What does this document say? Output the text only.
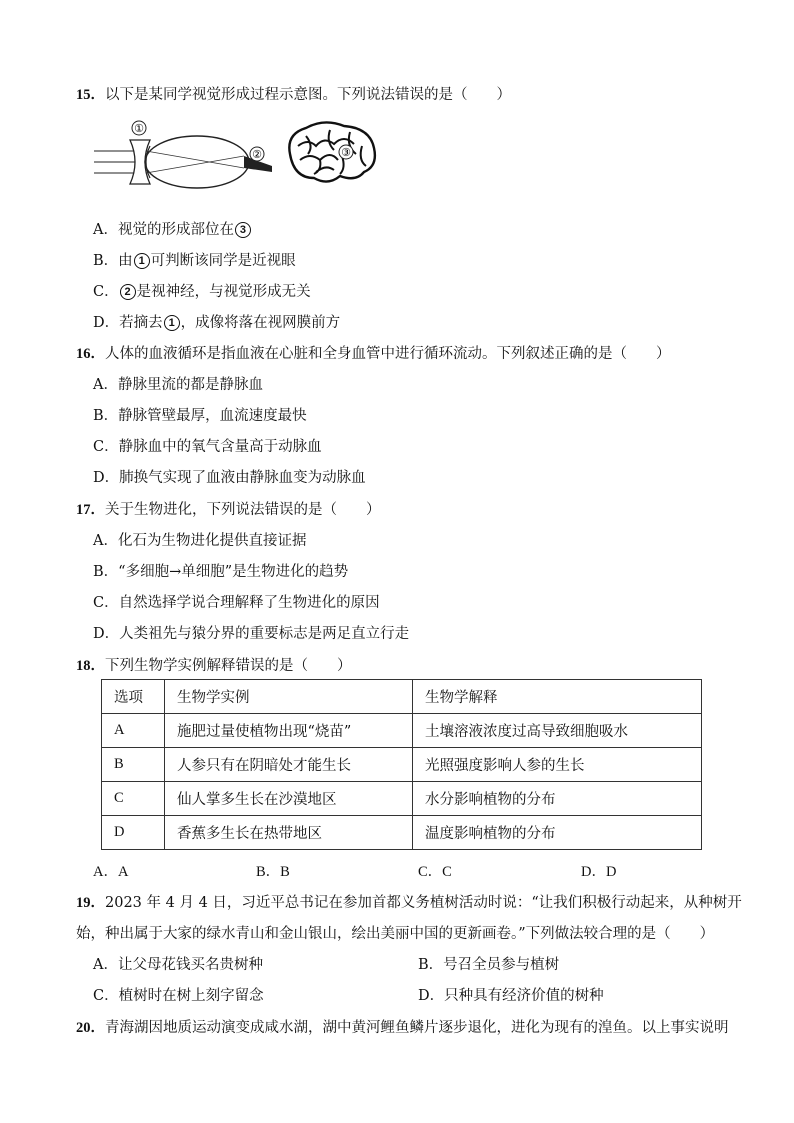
15．以下是某同学视觉形成过程示意图。下列说法错误的是（　　）
①
②	③
A．视觉的形成部位在 3
B．由 1 可判断该同学是近视眼
C． 2 是视神经，与视觉形成无关
D．若摘去 1 ，成像将落在视网膜前方
16．人体的血液循环是指血液在心脏和全身血管中进行循环流动。下列叙述正确的是（　　）
A．静脉里流的都是静脉血
B．静脉管壁最厚，血流速度最快
C．静脉血中的氧气含量高于动脉血
D．肺换气实现了血液由静脉血变为动脉血
17．关于生物进化，下列说法错误的是（　　）
A．化石为生物进化提供直接证据
B．“多细胞→单细胞”是生物进化的趋势
C．自然选择学说合理解释了生物进化的原因
D．人类祖先与猿分界的重要标志是两足直立行走
18．下列生物学实例解释错误的是（　　）
选项	生物学实例	生物学解释
A	施肥过量使植物出现“烧苗”	土壤溶液浓度过高导致细胞吸水
B	人参只有在阴暗处才能生长	光照强度影响人参的生长
C	仙人掌多生长在沙漠地区	水分影响植物的分布
D	香蕉多生长在热带地区	温度影响植物的分布
A．A	B．B	C．C	D．D
19．2023 年 4 月 4 日，习近平总书记在参加首都义务植树活动时说：“让我们积极行动起来，从种树开
始，种出属于大家的绿水青山和金山银山，绘出美丽中国的更新画卷。”下列做法较合理的是（　　）
A．让父母花钱买名贵树种	B．号召全员参与植树
C．植树时在树上刻字留念	D．只种具有经济价值的树种
20．青海湖因地质运动演变成咸水湖，湖中黄河鲤鱼鳞片逐步退化，进化为现有的湟鱼。以上事实说明
